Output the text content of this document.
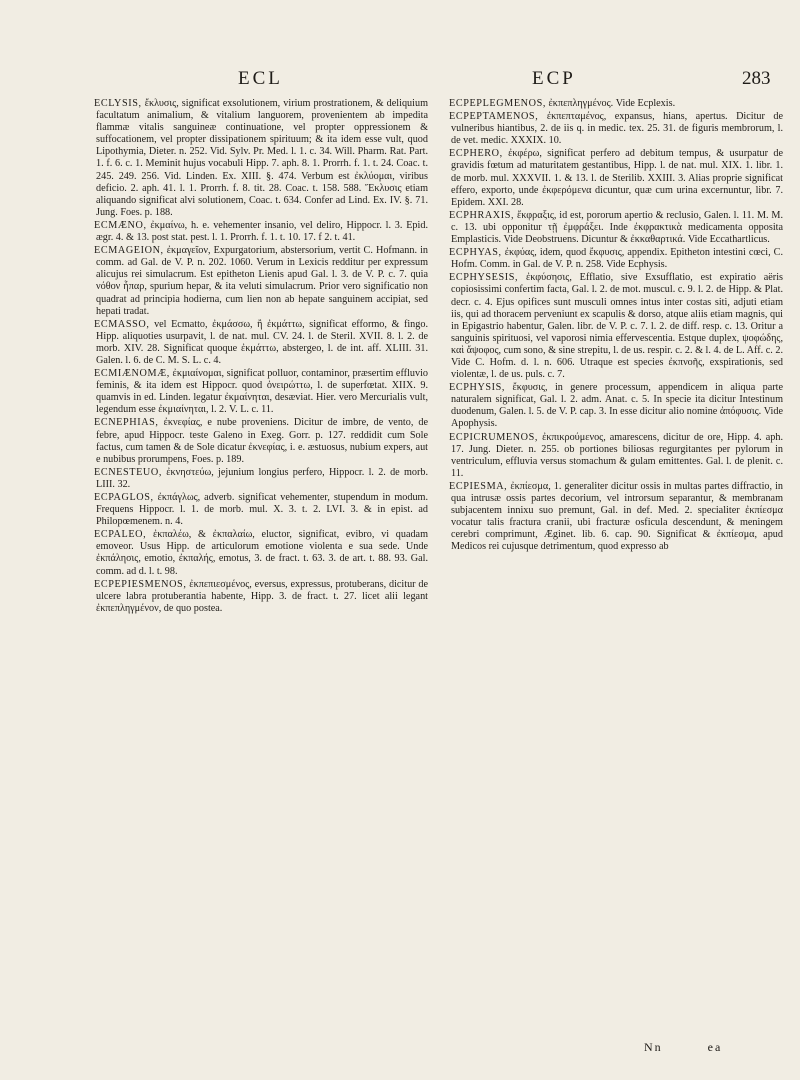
ECL	ECP	283

ECLYSIS, ἔκλυσις, significat exsolutionem, virium prostrationem, & deliquium facultatum animalium, & vitalium languorem, provenientem ab impedita flammæ vitalis sanguineæ continuatione, vel propter oppressionem & suffocationem, vel propter dissipationem spirituum; & ita idem esse vult, quod Lipothymia, Dieter. n. 252. Vid. Sylv. Pr. Med. l. 1. c. 34. Will. Pharm. Rat. Part. 1. f. 6. c. 1. Meminit hujus vocabuli Hipp. 7. aph. 8. 1. Prorrh. f. 1. t. 24. Coac. t. 245. 249. 256. Vid. Linden. Ex. XIII. §. 474. Verbum est ἐκλύομαι, viribus deficio. 2. aph. 41. l. 1. Prorrh. f. 8. tit. 28. Coac. t. 158. 588. Ἔκλυσις etiam aliquando significat alvi solutionem, Coac. t. 634. Confer ad Lind. Ex. IV. §. 71. Jung. Foes. p. 188.

ECMÆNO, ἐκμαίνω, h. e. vehementer insanio, vel deliro, Hippocr. l. 3. Epid. ægr. 4. & 13. post stat. pest. l. 1. Prorrh. f. 1. t. 10. 17. f 2. t. 41.

ECMAGEION, ἐκμαγεῖον, Expurgatorium, abstersorium, vertit C. Hofmann. in comm. ad Gal. de V. P. n. 202. 1060. Verum in Lexicis redditur per expressum alicujus rei simulacrum. Est epitheton Lienis apud Gal. l. 3. de V. P. c. 7. quia νόθον ἧπαρ, spurium hepar, & ita veluti simulacrum. Prior vero significatio non quadrat ad principia hodierna, cum lien non ab hepate sanguinem accipiat, sed hepati tradat.

ECMASSO, vel Ecmatto, ἐκμάσσω, ἢ ἐκμάττω, significat efformo, & fingo. Hipp. aliquoties usurpavit, l. de nat. mul. CV. 24. l. de Steril. XVII. 8. l. 2. de morb. XIV. 28. Significat quoque ἐκμάττω, abstergeo, l. de int. aff. XLIII. 31. Galen. l. 6. de C. M. S. L. c. 4.

ECMIÆNOMÆ, ἐκμιαίνομαι, significat polluor, contaminor, præsertim effluvio feminis, & ita idem est Hippocr. quod ὀνειρώττω, l. de superfœtat. XIIX. 9. quamvis in ed. Linden. legatur ἐκμαίνηται, desæviat. Hier. vero Mercurialis vult, legendum esse ἐκμιαίνηται, l. 2. V. L. c. 11.

ECNEPHIAS, ἐκνεφίας, e nube proveniens. Dicitur de imbre, de vento, de febre, apud Hippocr. teste Galeno in Exeg. Gorr. p. 127. reddidit cum Sole factus, cum tamen & de Sole dicatur ἐκνεφίας, i. e. æstuosus, nubium expers, aut e nubibus prorumpens, Foes. p. 189.

ECNESTEUO, ἐκνηστεύω, jejunium longius perfero, Hippocr. l. 2. de morb. LIII. 32.

ECPAGLOS, ἐκπάγλως, adverb. significat vehementer, stupendum in modum. Frequens Hippocr. l. 1. de morb. mul. X. 3. t. 2. LVI. 3. & in epist. ad Philopœmenem. n. 4.

ECPALEO, ἐκπαλέω, & ἐκπαλαίω, eluctor, significat, evibro, vi quadam emoveor. Usus Hipp. de articulorum emotione violenta e sua sede. Unde ἐκπάλησις, emotio, ἐκπαλής, emotus, 3. de fract. t. 63. 3. de art. t. 88. 93. Gal. comm. ad d. l. t. 98.

ECPEPIESMENOS, ἐκπεπιεσμένος, eversus, expressus, protuberans, dicitur de ulcere labra protuberantia habente, Hipp. 3. de fract. t. 27. licet alii legant ἐκπεπληγμένον, de quo postea.

ECPEPLEGMENOS, ἐκπεπληγμένος. Vide Ecplexis.

ECPEPTAMENOS, ἐκπεπταμένος, expansus, hians, apertus. Dicitur de vulneribus hiantibus, 2. de iis q. in medic. tex. 25. 31. de figuris membrorum, l. de vet. medic. XXXIX. 10.

ECPHERO, ἐκφέρω, significat perfero ad debitum tempus, & usurpatur de gravidis fœtum ad maturitatem gestantibus, Hipp. l. de nat. mul. XIX. 1. libr. 1. de morb. mul. XXXVII. 1. & 13. l. de Sterilib. XXIII. 3. Alias proprie significat effero, exporto, unde ἐκφερόμενα dicuntur, quæ cum urina excernuntur, libr. 7. Epidem. XXI. 28.

ECPHRAXIS, ἔκφραξις, id est, pororum apertio & reclusio, Galen. l. 11. M. M. c. 13. ubi opponitur τῇ ἐμφράξει. Inde ἐκφρακτικὰ medicamenta opposita Emplasticis. Vide Deobstruens. Dicuntur & ἐκκαθαρτικά. Vide Eccathartlicus.

ECPHYAS, ἐκφύας, idem, quod ἔκφυσις, appendix. Epitheton intestini cœci, C. Hofm. Comm. in Gal. de V. P. n. 258. Vide Ecphysis.

ECPHYSESIS, ἐκφύσησις, Efflatio, sive Exsufflatio, est expiratio aëris copiosissimi confertim facta, Gal. l. 2. de mot. muscul. c. 9. l. 2. de Hipp. & Plat. decr. c. 4. Ejus opifices sunt musculi omnes intus inter costas siti, adjuti etiam iis, qui ad thoracem perveniunt ex scapulis & dorso, atque aliis etiam magnis, qui in Epigastrio habentur, Galen. libr. de V. P. c. 7. l. 2. de diff. resp. c. 13. Oritur a sanguinis spirituosi, vel vaporosi nimia effervescentia. Estque duplex, ψοφώδης, καὶ ἄψοφος, cum sono, & sine strepitu, l. de us. respir. c. 2. & l. 4. de L. Aff. c. 2. Vide C. Hofm. d. l. n. 606. Utraque est species ἐκπνοῆς, exspirationis, sed violentæ, l. de us. puls. c. 7.

ECPHYSIS, ἔκφυσις, in genere processum, appendicem in aliqua parte naturalem significat, Gal. l. 2. adm. Anat. c. 5. In specie ita dicitur Intestinum duodenum, Galen. l. 5. de V. P. cap. 3. In esse dicitur alio nomine ἀπόφυσις. Vide Apophysis.

ECPICRUMENOS, ἐκπικρούμενος, amarescens, dicitur de ore, Hipp. 4. aph. 17. Jung. Dieter. n. 255. ob portiones biliosas regurgitantes per pylorum in ventriculum, effluvia versus stomachum & gulam emittentes. Gal. l. de plenit. c. 11.

ECPIESMA, ἐκπίεσμα, 1. generaliter dicitur ossis in multas partes diffractio, in qua intrusæ ossis partes decorium, vel introrsum separantur, & membranam subjacentem innixu suo premunt, Gal. in def. Med. 2. specialiter ἐκπίεσμα vocatur talis fractura cranii, ubi fracturæ osficula descendunt, & meningem cerebri comprimunt, Æginet. lib. 6. cap. 90. Significat & ἐκπίεσμα, apud Medicos rei cujusque detrimentum, quod expresso ab

Nn	ea
